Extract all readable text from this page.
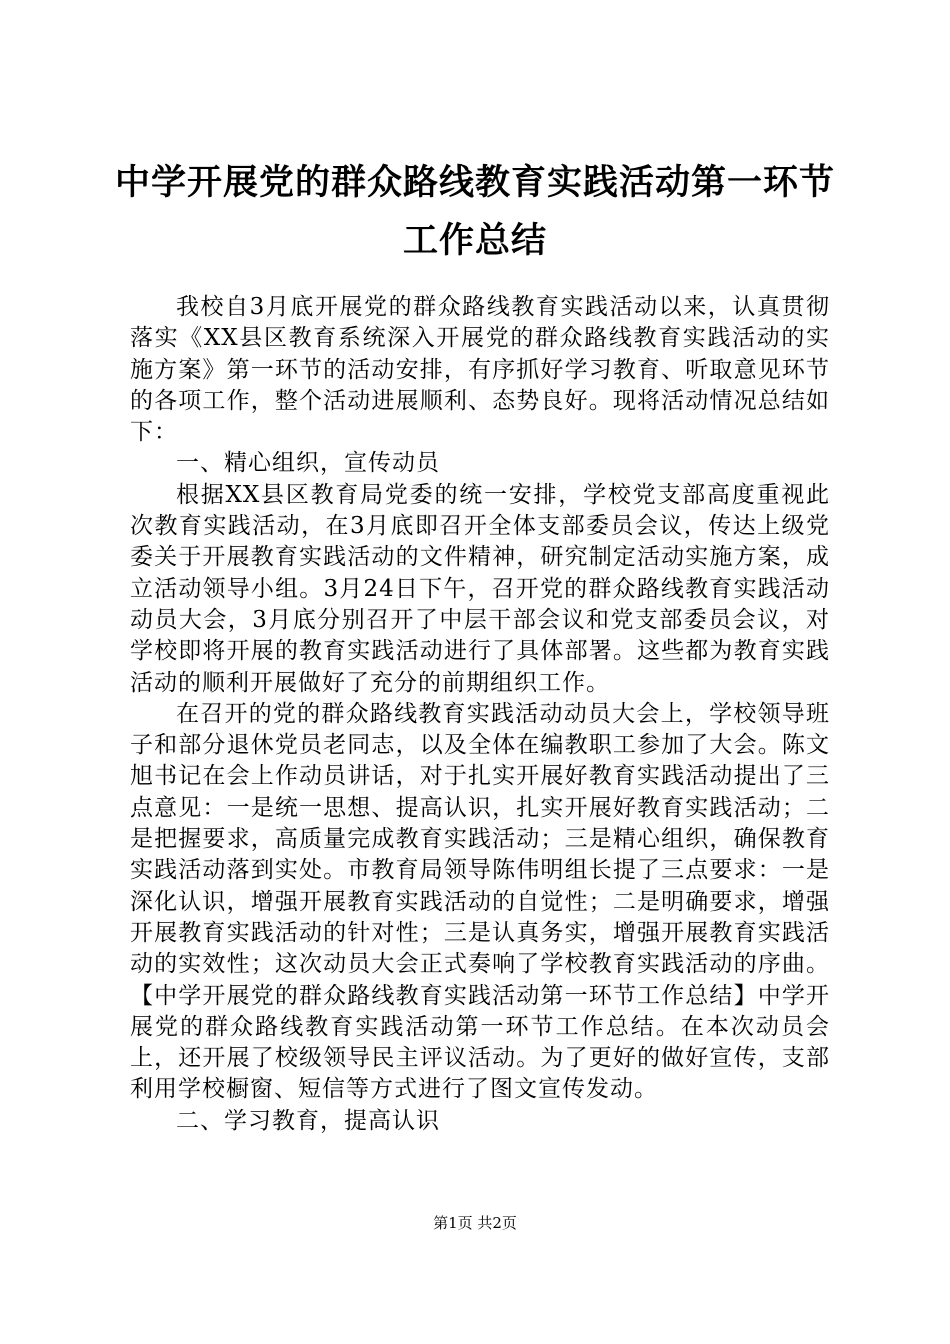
中学开展党的群众路线教育实践活动第一环节
工作总结

我校自3月底开展党的群众路线教育实践活动以来，认真贯彻落实《XX县区教育系统深入开展党的群众路线教育实践活动的实施方案》第一环节的活动安排，有序抓好学习教育、听取意见环节的各项工作，整个活动进展顺利、态势良好。现将活动情况总结如下：

一、精心组织，宣传动员

根据XX县区教育局党委的统一安排，学校党支部高度重视此次教育实践活动，在3月底即召开全体支部委员会议，传达上级党委关于开展教育实践活动的文件精神，研究制定活动实施方案，成立活动领导小组。3月24日下午，召开党的群众路线教育实践活动动员大会，3月底分别召开了中层干部会议和党支部委员会议，对学校即将开展的教育实践活动进行了具体部署。这些都为教育实践活动的顺利开展做好了充分的前期组织工作。

在召开的党的群众路线教育实践活动动员大会上，学校领导班子和部分退休党员老同志，以及全体在编教职工参加了大会。陈文旭书记在会上作动员讲话，对于扎实开展好教育实践活动提出了三点意见：一是统一思想、提高认识，扎实开展好教育实践活动；二是把握要求，高质量完成教育实践活动；三是精心组织，确保教育实践活动落到实处。市教育局领导陈伟明组长提了三点要求：一是深化认识，增强开展教育实践活动的自觉性；二是明确要求，增强开展教育实践活动的针对性；三是认真务实，增强开展教育实践活动的实效性；这次动员大会正式奏响了学校教育实践活动的序曲。【中学开展党的群众路线教育实践活动第一环节工作总结】中学开展党的群众路线教育实践活动第一环节工作总结。在本次动员会上，还开展了校级领导民主评议活动。为了更好的做好宣传，支部利用学校橱窗、短信等方式进行了图文宣传发动。

二、学习教育，提高认识

第1页 共2页
